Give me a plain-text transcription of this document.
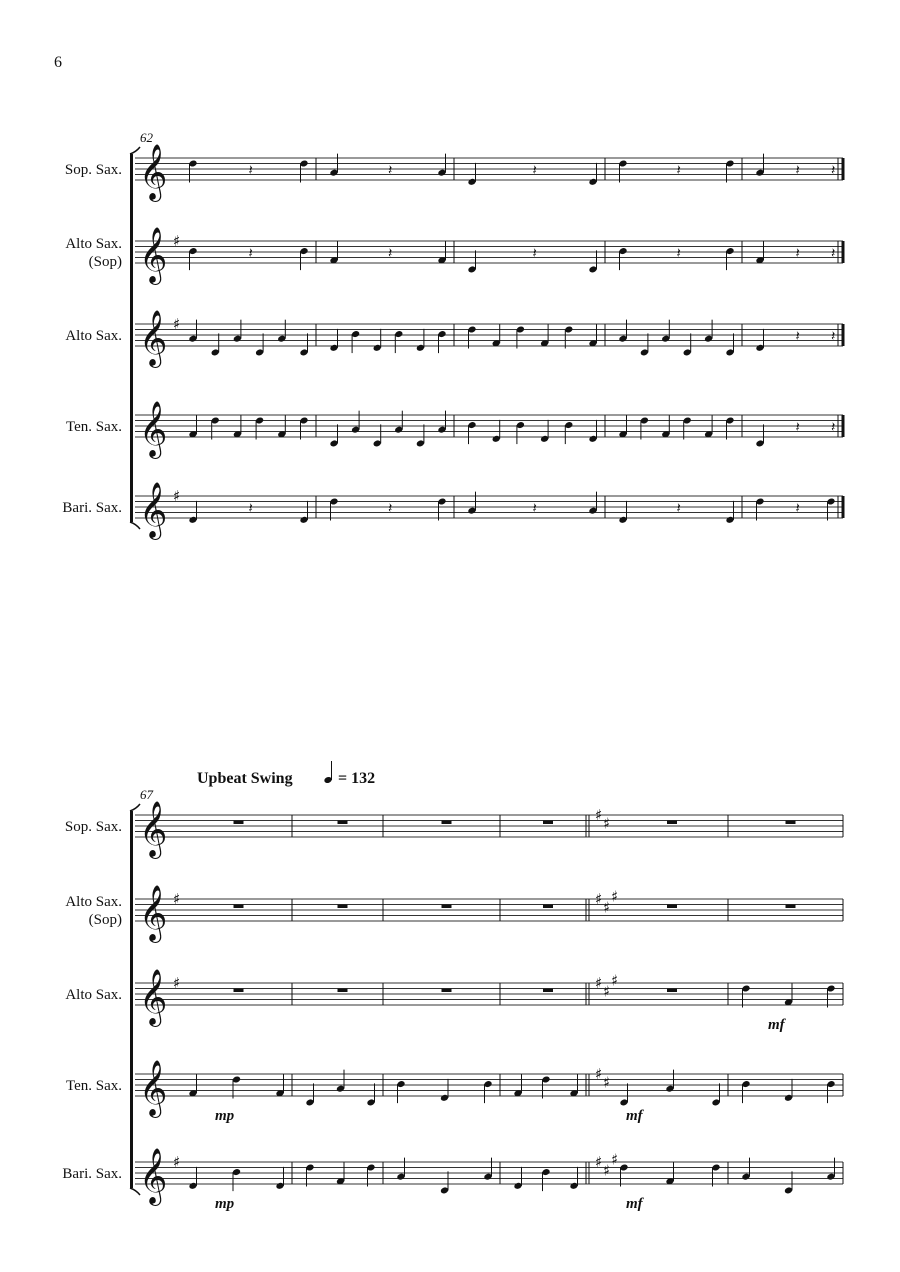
6
62
Sop. Sax.
Alto Sax.
(Sop)
Alto Sax.
Ten. Sax.
Bari. Sax.
𝄞	𝄽	𝄽	𝄽	𝄽	𝄽 𝄽
𝄞 ♯
𝄽	𝄽	𝄽	𝄽	𝄽 𝄽
𝄞 ♯
𝄽 𝄽
𝄞	𝄽 𝄽
𝄞 ♯
𝄽	𝄽	𝄽	𝄽	𝄽
67
Upbeat Swing	= 132
Sop. Sax.
Alto Sax.
(Sop)
Alto Sax.
Ten. Sax.
Bari. Sax.
mp
mp
mf
mf
mf
𝄞	♯ ♯
𝄞 ♯	♯ ♯
♯
𝄞 ♯	♯ ♯
♯
𝄞	♯ ♯
𝄞 ♯	♯ ♯
♯
